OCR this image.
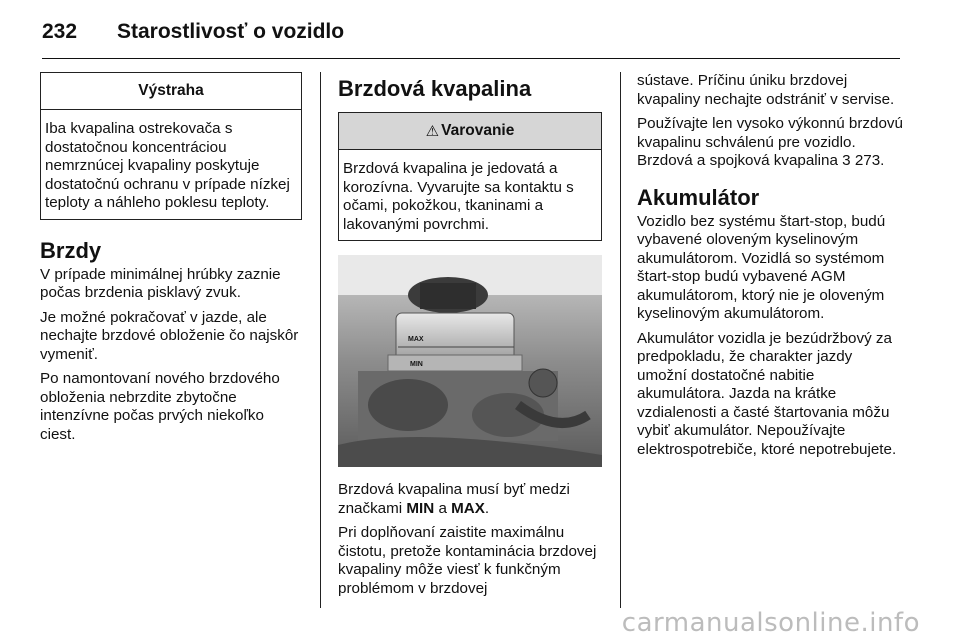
232 Starostlivosť o vozidlo
Výstraha
Iba kvapalina ostrekovača s dostatočnou koncentráciou nemrznúcej kvapaliny poskytuje dostatočnú ochranu v prípade nízkej teploty a náhleho poklesu teploty.
Brzdy

V prípade minimálnej hrúbky zaznie počas brzdenia pisklavý zvuk.

Je možné pokračovať v jazde, ale nechajte brzdové obloženie čo najskôr vymeniť.

Po namontovaní nového brzdového obloženia nebrzdite zbytočne intenzívne počas prvých niekoľko ciest.

Brzdová kvapalina
⚠ Varovanie
Brzdová kvapalina je jedovatá a korozívna. Vyvarujte sa kontaktu s očami, pokožkou, tkaninami a lakovanými povrchmi.
MAX
MIN

Brzdová kvapalina musí byť medzi značkami MIN a MAX.

Pri doplňovaní zaistite maximálnu čistotu, pretože kontaminácia brzdovej kvapaliny môže viesť k funkčným problémom v brzdovej

sústave. Príčinu úniku brzdovej kvapaliny nechajte odstrániť v servise.

Používajte len vysoko výkonnú brzdovú kvapalinu schválenú pre vozidlo. Brzdová a spojková kvapalina 3 273.

Akumulátor

Vozidlo bez systému štart-stop, budú vybavené oloveným kyselinovým akumulátorom. Vozidlá so systémom štart-stop budú vybavené AGM akumulátorom, ktorý nie je oloveným kyselinovým akumulátorom.

Akumulátor vozidla je bezúdržbový za predpokladu, že charakter jazdy umožní dostatočné nabitie akumulátora. Jazda na krátke vzdialenosti a časté štartovania môžu vybiť akumulátor. Nepoužívajte elektrospotrebiče, ktoré nepotrebujete.

carmanualsonline.info
